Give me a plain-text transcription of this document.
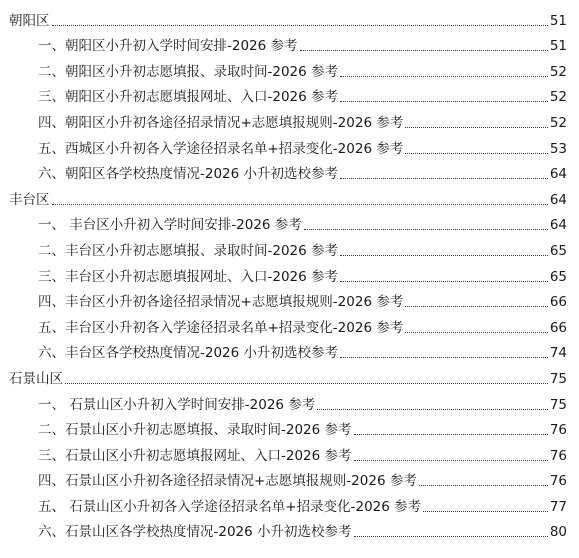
朝阳区	51
一、朝阳区小升初入学时间安排-2026 参考	51
二、朝阳区小升初志愿填报、录取时间-2026 参考	52
三、朝阳区小升初志愿填报网址、入口-2026 参考	52
四、朝阳区小升初各途径招录情况+志愿填报规则-2026 参考	52
五、西城区小升初各入学途径招录名单+招录变化-2026 参考	53
六、朝阳区各学校热度情况-2026 小升初选校参考	64
丰台区	64
一、 丰台区小升初入学时间安排-2026 参考	64
二、丰台区小升初志愿填报、录取时间-2026 参考	65
三、丰台区小升初志愿填报网址、入口-2026 参考	65
四、丰台区小升初各途径招录情况+志愿填报规则-2026 参考	66
五、丰台区小升初各入学途径招录名单+招录变化-2026 参考	66
六、丰台区各学校热度情况-2026 小升初选校参考	74
石景山区	75
一、 石景山区小升初入学时间安排-2026 参考	75
二、石景山区小升初志愿填报、录取时间-2026 参考	76
三、石景山区小升初志愿填报网址、入口-2026 参考	76
四、石景山区小升初各途径招录情况+志愿填报规则-2026 参考	76
五、 石景山区小升初各入学途径招录名单+招录变化-2026 参考	77
六、石景山区各学校热度情况-2026 小升初选校参考	80
